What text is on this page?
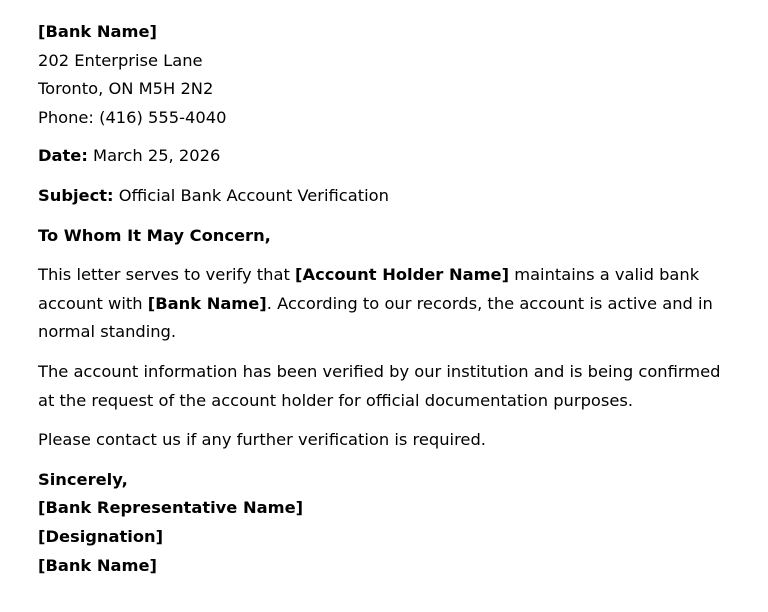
[Bank Name]

202 Enterprise Lane

Toronto, ON M5H 2N2

Phone: (416) 555-4040

Date: March 25, 2026

Subject: Official Bank Account Verification

To Whom It May Concern,

This letter serves to verify that [Account Holder Name] maintains a valid bank account with [Bank Name]. According to our records, the account is active and in normal standing.

The account information has been verified by our institution and is being confirmed at the request of the account holder for official documentation purposes.

Please contact us if any further verification is required.

Sincerely,

[Bank Representative Name]

[Designation]

[Bank Name]
